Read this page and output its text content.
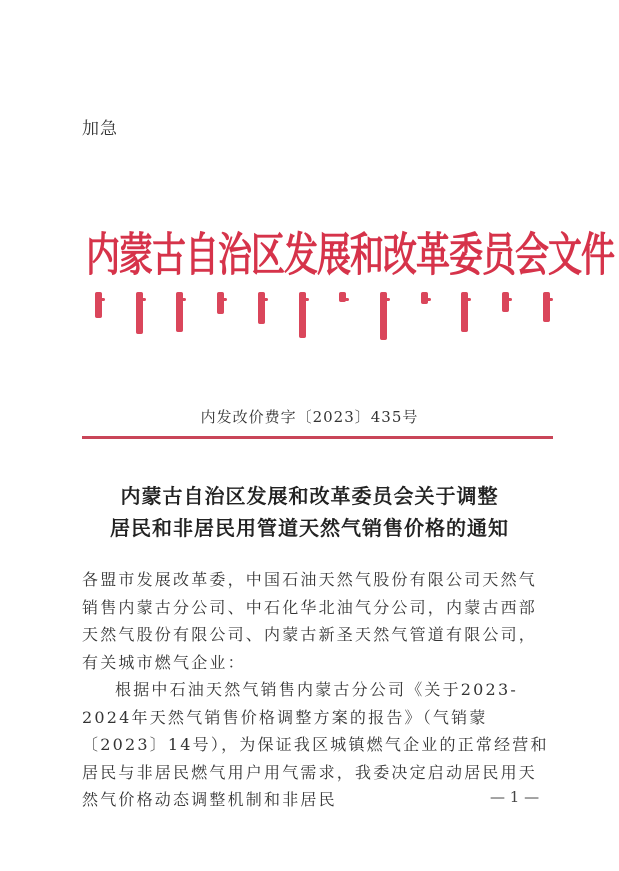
加急
内蒙古自治区发展和改革委员会文件
内发改价费字〔2023〕435号
内蒙古自治区发展和改革委员会关于调整
居民和非居民用管道天然气销售价格的通知
各盟市发展改革委，中国石油天然气股份有限公司天然气销售内蒙古分公司、中石化华北油气分公司，内蒙古西部天然气股份有限公司、内蒙古新圣天然气管道有限公司，有关城市燃气企业：
根据中石油天然气销售内蒙古分公司《关于2023-2024年天然气销售价格调整方案的报告》（气销蒙〔2023〕14号），为保证我区城镇燃气企业的正常经营和居民与非居民燃气用户用气需求，我委决定启动居民用天然气价格动态调整机制和非居民	— 1 —
